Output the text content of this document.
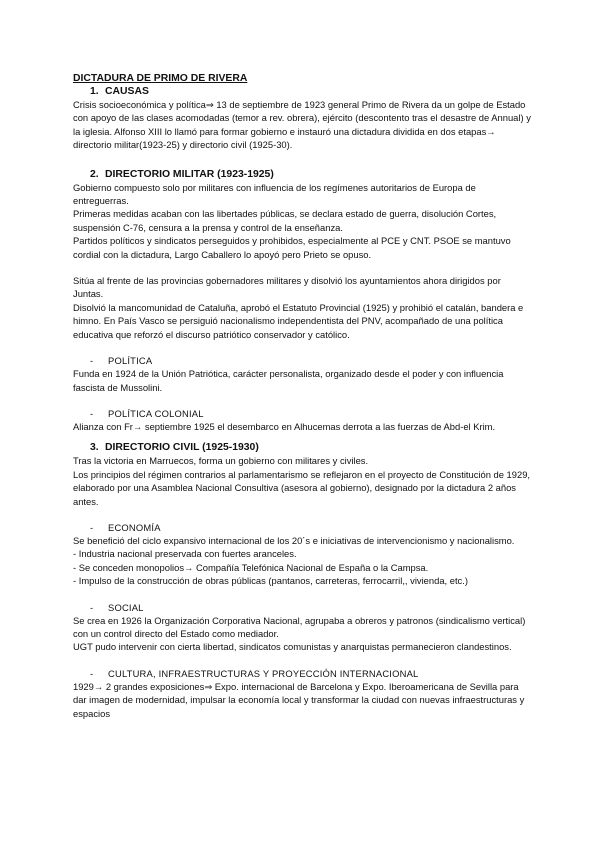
DICTADURA DE PRIMO DE RIVERA

1. CAUSAS

Crisis socioeconómica y política⇒ 13 de septiembre de 1923 general Primo de Rivera da un golpe de Estado con apoyo de las clases acomodadas (temor a rev. obrera), ejército (descontento tras el desastre de Annual) y la iglesia. Alfonso XIII lo llamó para formar gobierno e instauró una dictadura dividida en dos etapas→ directorio militar(1923-25) y directorio civil (1925-30).

2. DIRECTORIO MILITAR (1923-1925)

Gobierno compuesto solo por militares con influencia de los regímenes autoritarios de Europa de entreguerras.

Primeras medidas acaban con las libertades públicas, se declara estado de guerra, disolución Cortes, suspensión C-76, censura a la prensa y control de la enseñanza.

Partidos políticos y sindicatos perseguidos y prohibidos, especialmente al PCE y CNT. PSOE se mantuvo cordial con la dictadura, Largo Caballero lo apoyó pero Prieto se opuso.

Sitúa al frente de las provincias gobernadores militares y disolvió los ayuntamientos ahora dirigidos por Juntas.

Disolvió la mancomunidad de Cataluña, aprobó el Estatuto Provincial (1925) y prohibió el catalán, bandera e himno. En País Vasco se persiguió nacionalismo independentista del PNV, acompañado de una política educativa que reforzó el discurso patriótico conservador y católico.

- POLÍTICA

Funda en 1924 de la Unión Patriótica, carácter personalista, organizado desde el poder y con influencia fascista de Mussolini.

- POLÍTICA COLONIAL

Alianza con Fr→ septiembre 1925 el desembarco en Alhucemas derrota a las fuerzas de Abd-el Krim.

3. DIRECTORIO CIVIL (1925-1930)

Tras la victoria en Marruecos, forma un gobierno con militares y civiles.

Los principios del régimen contrarios al parlamentarismo se reflejaron en el proyecto de Constitución de 1929, elaborado por una Asamblea Nacional Consultiva (asesora al gobierno), designado por la dictadura 2 años antes.

- ECONOMÍA

Se benefició del ciclo expansivo internacional de los 20´s e iniciativas de intervencionismo y nacionalismo.

- Industria nacional preservada con fuertes aranceles.

- Se conceden monopolios→ Compañía Telefónica Nacional de España o la Campsa.

- Impulso de la construcción de obras públicas (pantanos, carreteras, ferrocarril,, vivienda, etc.)

- SOCIAL

Se crea en 1926 la Organización Corporativa Nacional, agrupaba a obreros y patronos (sindicalismo vertical) con un control directo del Estado como mediador.

UGT pudo intervenir con cierta libertad, sindicatos comunistas y anarquistas permanecieron clandestinos.

- CULTURA, INFRAESTRUCTURAS Y PROYECCIÓN INTERNACIONAL

1929→ 2 grandes exposiciones⇒ Expo. internacional de Barcelona y Expo. Iberoamericana de Sevilla para dar imagen de modernidad, impulsar la economía local y transformar la ciudad con nuevas infraestructuras y espacios
